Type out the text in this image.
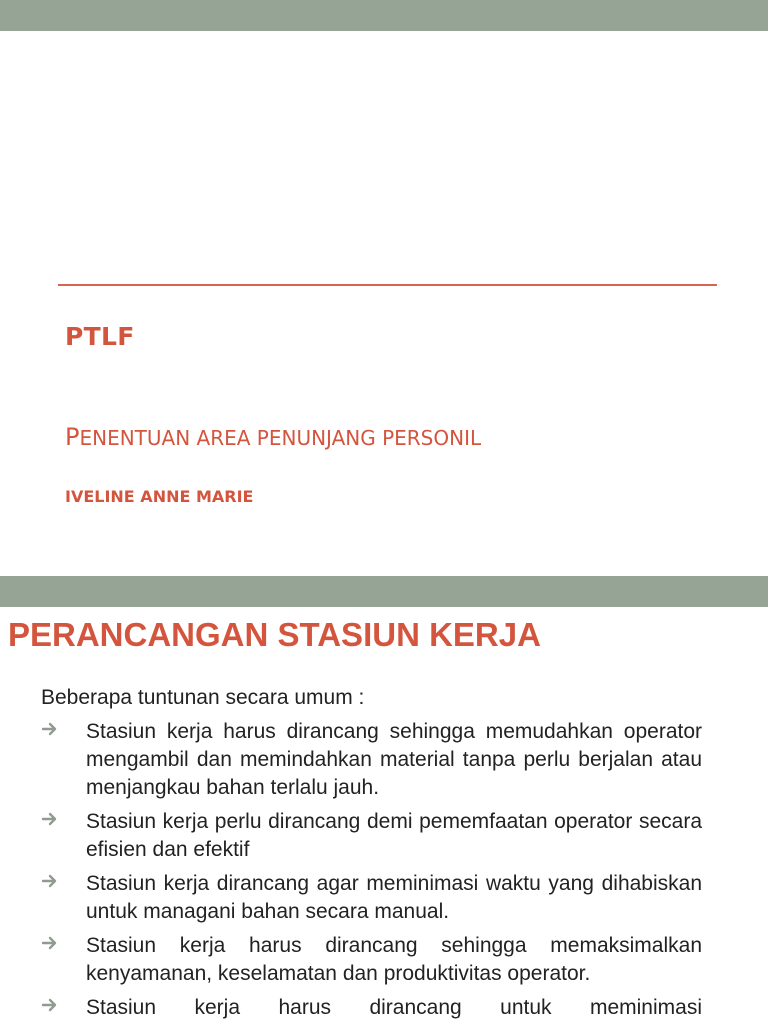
PTLF
PENENTUAN AREA PENUNJANG PERSONIL
IVELINE ANNE MARIE
PERANCANGAN STASIUN KERJA
Beberapa tuntunan secara umum :
Stasiun kerja harus dirancang sehingga memudahkan operator mengambil dan memindahkan material tanpa perlu berjalan atau menjangkau bahan terlalu jauh.
Stasiun kerja perlu dirancang demi pememfaatan operator secara efisien dan efektif
Stasiun kerja dirancang agar meminimasi waktu yang dihabiskan untuk managani bahan secara manual.
Stasiun kerja harus dirancang sehingga memaksimalkan kenyamanan, keselamatan dan produktivitas operator.
Stasiun kerja harus dirancang untuk meminimasi
